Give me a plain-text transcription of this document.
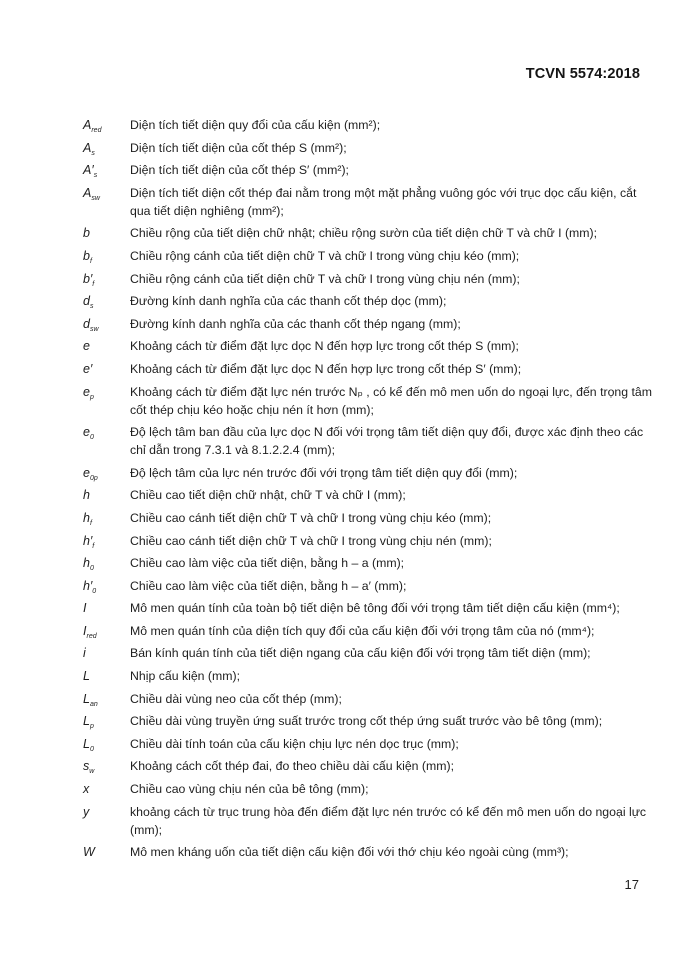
TCVN 5574:2018
$A_{red}$	Diện tích tiết diện quy đổi của cấu kiện (mm²);
$A_s$	Diện tích tiết diện của cốt thép S (mm²);
$A'_s$	Diện tích tiết diện của cốt thép S′ (mm²);
$A_{sw}$	Diện tích tiết diện cốt thép đai nằm trong một mặt phẳng vuông góc với trục dọc cấu kiện, cắt qua tiết diện nghiêng (mm²);
b	Chiều rộng của tiết diện chữ nhật; chiều rộng sườn của tiết diện chữ T và chữ I (mm);
$b_f$	Chiều rộng cánh của tiết diện chữ T và chữ I trong vùng chịu kéo (mm);
$b'_f$	Chiều rộng cánh của tiết diện chữ T và chữ I trong vùng chịu nén (mm);
$d_s$	Đường kính danh nghĩa của các thanh cốt thép dọc (mm);
$d_{sw}$	Đường kính danh nghĩa của các thanh cốt thép ngang (mm);
e	Khoảng cách từ điểm đặt lực dọc N đến hợp lực trong cốt thép S (mm);
e′	Khoảng cách từ điểm đặt lực dọc N đến hợp lực trong cốt thép S′ (mm);
$e_p$	Khoảng cách từ điểm đặt lực nén trước Nₚ , có kể đến mô men uốn do ngoại lực, đến trọng tâm cốt thép chịu kéo hoặc chịu nén ít hơn (mm);
$e_0$	Độ lệch tâm ban đầu của lực dọc N đối với trọng tâm tiết diện quy đổi, được xác định theo các chỉ dẫn trong 7.3.1 và 8.1.2.2.4 (mm);
$e_{0p}$	Độ lệch tâm của lực nén trước đối với trọng tâm tiết diện quy đổi (mm);
h	Chiều cao tiết diện chữ nhật, chữ T và chữ I (mm);
$h_f$	Chiều cao cánh tiết diện chữ T và chữ I trong vùng chịu kéo (mm);
$h'_f$	Chiều cao cánh tiết diện chữ T và chữ I trong vùng chịu nén (mm);
$h_0$	Chiều cao làm việc của tiết diện, bằng h – a (mm);
$h'_0$	Chiều cao làm việc của tiết diện, bằng h – a′ (mm);
I	Mô men quán tính của toàn bộ tiết diện bê tông đối với trọng tâm tiết diện cấu kiện (mm⁴);
$I_{red}$	Mô men quán tính của diện tích quy đổi của cấu kiện đối với trọng tâm của nó (mm⁴);
i	Bán kính quán tính của tiết diện ngang của cấu kiện đối với trọng tâm tiết diện (mm);
L	Nhịp cấu kiện (mm);
$L_{an}$	Chiều dài vùng neo của cốt thép (mm);
$L_p$	Chiều dài vùng truyền ứng suất trước trong cốt thép ứng suất trước vào bê tông (mm);
$L_0$	Chiều dài tính toán của cấu kiện chịu lực nén dọc trục (mm);
$s_w$	Khoảng cách cốt thép đai, đo theo chiều dài cấu kiện (mm);
x	Chiều cao vùng chịu nén của bê tông (mm);
y	khoảng cách từ trục trung hòa đến điểm đặt lực nén trước có kể đến mô men uốn do ngoại lực (mm);
W	Mô men kháng uốn của tiết diện cấu kiện đối với thớ chịu kéo ngoài cùng (mm³);
17
